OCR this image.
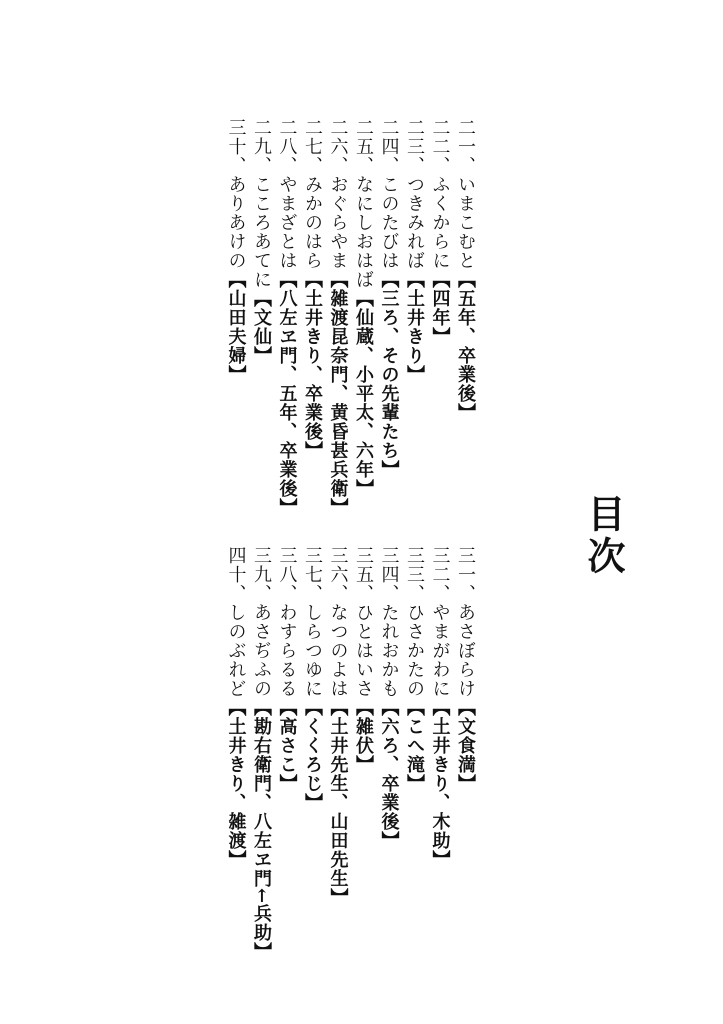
目次
二一、いまこむと【五年、卒業後】
二二、ふくからに【四年】
二三、つきみれば【土井きり】
二四、このたびは【三ろ、その先輩たち】
二五、なにしおはば【仙蔵、小平太、六年】
二六、おぐらやま【雑渡昆奈門、黄昏甚兵衛】
二七、みかのはら【土井きり、卒業後】
二八、やまざとは【八左ヱ門、五年、卒業後】
二九、こころあてに【文仙】
三十、ありあけの【山田夫婦】
三一、あさぼらけ【文食満】
三二、やまがわに【土井きり、木助】
三三、ひさかたの【こへ滝】
三四、たれおかも【六ろ、卒業後】
三五、ひとはいさ【雑伏】
三六、なつのよは【土井先生、山田先生】
三七、しらつゆに【くくろじ】
三八、わすらるる【高さこ】
三九、あさぢふの【勘右衛門、八左ヱ門←兵助】
四十、しのぶれど【土井きり、雑渡】
